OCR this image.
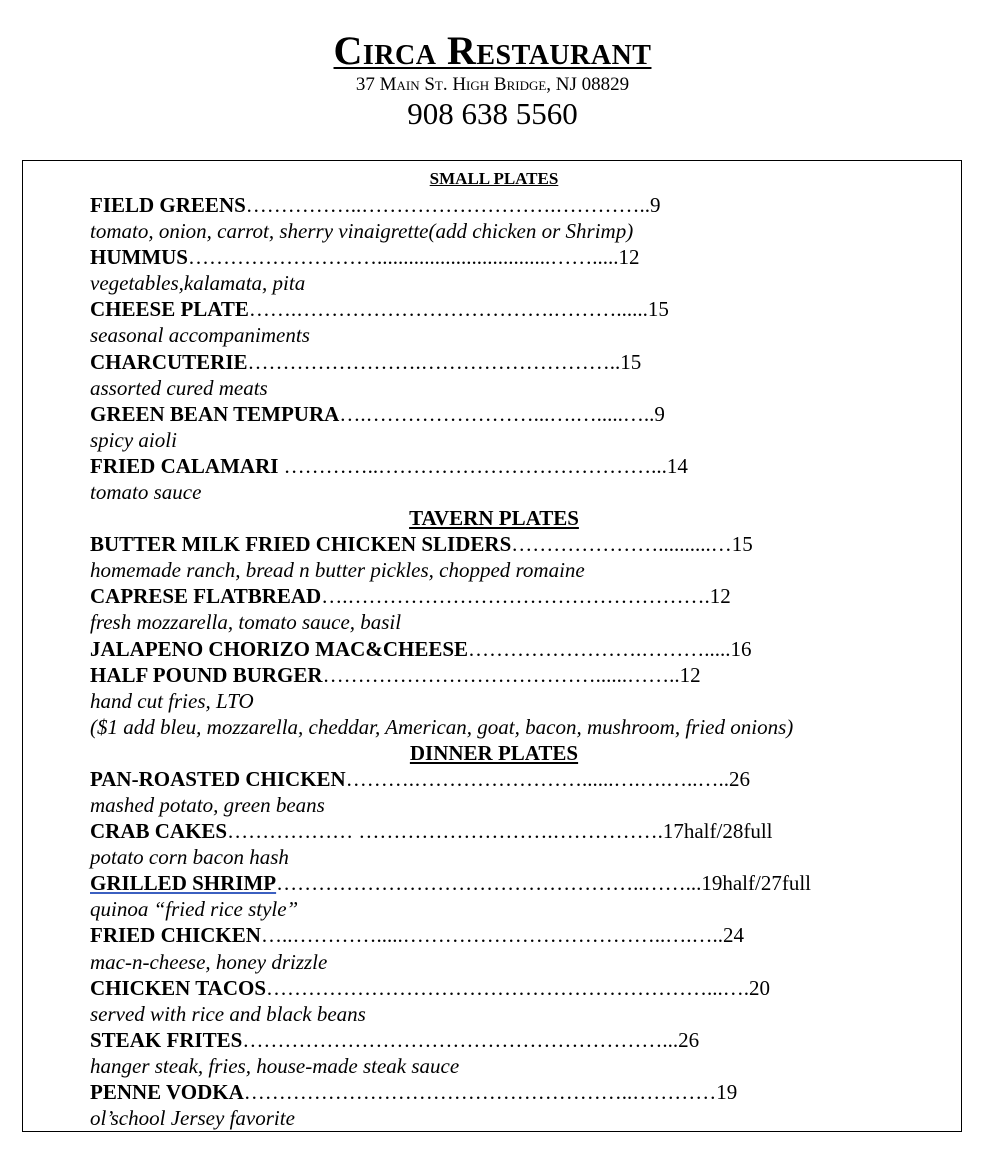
Circa Restaurant
37 Main St. High Bridge, NJ 08829
908 638 5560
SMALL PLATES
FIELD GREENS……………..……………………….…………..9
tomato, onion, carrot, sherry vinaigrette(add chicken or Shrimp)
HUMMUS……………………….................................…….....12
vegetables,kalamata, pita
CHEESE PLATE…….……………………………….………......15
seasonal accompaniments
CHARCUTERIE…………………….………………………..15
assorted cured meats
GREEN BEAN TEMPURA….……………………...….….....…..9
spicy aioli
FRIED CALAMARI …………..…………………………………...14
tomato sauce
TAVERN PLATES
BUTTER MILK FRIED CHICKEN SLIDERS…………………..........…15
homemade ranch, bread n butter pickles, chopped romaine
CAPRESE FLATBREAD….…………………………………………….12
fresh mozzarella, tomato sauce, basil
JALAPENO CHORIZO MAC&CHEESE…………………….……….....16
HALF POUND BURGER…………………………………......……..12
hand cut fries, LTO
($1 add bleu, mozzarella, cheddar, American, goat, bacon, mushroom, fried onions)
DINNER PLATES
PAN-ROASTED CHICKEN……….……………………......….….…..…..26
mashed potato, green beans
CRAB CAKES……………… ……………………….…………….17half/28full
potato corn bacon hash
GRILLED SHRIMP……………………………………………..……...19half/27full
quinoa “fried rice style”
FRIED CHICKEN…..………….....………………………………..….…..24
mac-n-cheese, honey drizzle
CHICKEN TACOS………………………………………………………...….20
served with rice and black beans
STEAK FRITES……………………………………………………...26
hanger steak, fries, house-made steak sauce
PENNE VODKA………………………………………………..…………19
ol’school Jersey favorite
